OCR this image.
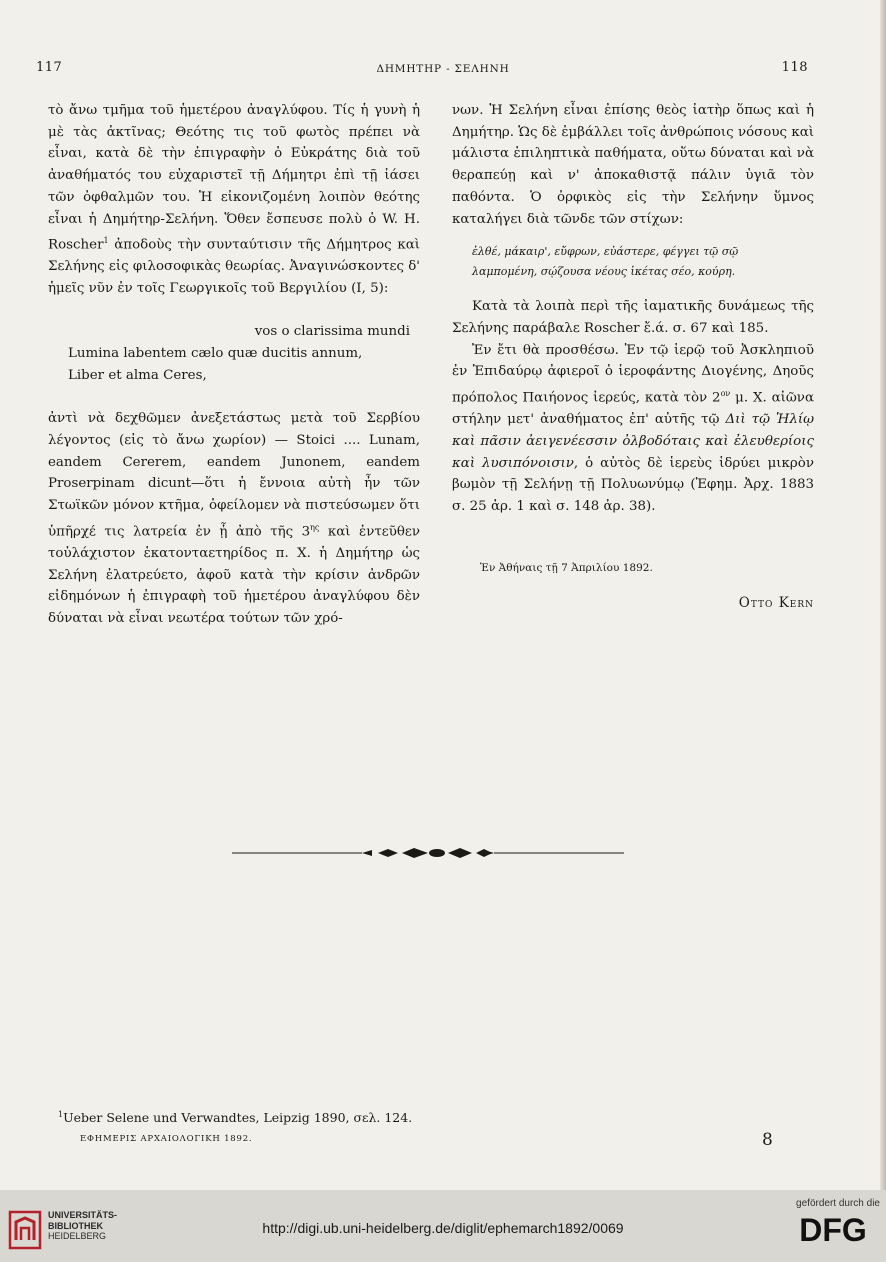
117	ΔΗΜΗΤΗΡ - ΣΕΛΗΝΗ	118

τὸ ἄνω τμῆμα τοῦ ἡμετέρου ἀναγλύφου. Τίς ἡ γυνὴ ἡ μὲ τὰς ἀκτῖνας; Θεότης τις τοῦ φωτὸς πρέπει νὰ εἶναι, κατὰ δὲ τὴν ἐπιγραφὴν ὁ Εὐκράτης διὰ τοῦ ἀναθήματός του εὐχαριστεῖ τῇ Δήμητρι ἐπὶ τῇ ἰάσει τῶν ὀφθαλμῶν του. Ἡ εἰκονιζομένη λοιπὸν θεότης εἶναι ἡ Δημήτηρ-Σελήνη. Ὅθεν ἔσπευσε πολὺ ὁ W. H. Roscher$^1$ ἀποδοὺς τὴν συνταύτισιν τῆς Δήμητρος καὶ Σελήνης εἰς φιλοσοφικὰς θεωρίας. Ἀναγινώσκοντες δ' ἡμεῖς νῦν ἐν τοῖς Γεωργικοῖς τοῦ Βεργιλίου (I, 5):

vos o clarissima mundi

Lumina labentem cælo quæ ducitis annum,

Liber et alma Ceres,

ἀντὶ νὰ δεχθῶμεν ἀνεξετάστως μετὰ τοῦ Σερβίου λέγοντος (εἰς τὸ ἄνω χωρίον) — Stoici .... Lunam, eandem Cererem, eandem Junonem, eandem Proserpinam dicunt—ὅτι ἡ ἔννοια αὐτὴ ἦν τῶν Στωϊκῶν μόνον κτῆμα, ὀφείλομεν νὰ πιστεύσωμεν ὅτι ὑπῆρχέ τις λατρεία ἐν ᾗ ἀπὸ τῆς $3^{\eta\varsigma}$ καὶ ἐντεῦθεν τοὐλάχιστον ἑκατονταετηρίδος π. Χ. ἡ Δημήτηρ ὡς Σελήνη ἐλατρεύετο, ἀφοῦ κατὰ τὴν κρίσιν ἀνδρῶν εἰδημόνων ἡ ἐπιγραφὴ τοῦ ἡμετέρου ἀναγλύφου δὲν δύναται νὰ εἶναι νεωτέρα τούτων τῶν χρό-

νων. Ἡ Σελήνη εἶναι ἐπίσης θεὸς ἰατὴρ ὅπως καὶ ἡ Δημήτηρ. Ὡς δὲ ἐμβάλλει τοῖς ἀνθρώποις νόσους καὶ μάλιστα ἐπιληπτικὰ παθήματα, οὕτω δύναται καὶ νὰ θεραπεύῃ καὶ ν' ἀποκαθιστᾷ πάλιν ὑγιᾶ τὸν παθόντα. Ὁ ὀρφικὸς εἰς τὴν Σελήνην ὕμνος καταλήγει διὰ τῶνδε τῶν στίχων:

ἐλθέ, μάκαιρ', εὔφρων, εὐάστερε, φέγγει τῷ σῷ
λαμπομένη, σῴζουσα νέους ἱκέτας σέο, κούρη.

Κατὰ τὰ λοιπὰ περὶ τῆς ἰαματικῆς δυνάμεως τῆς Σελήνης παράβαλε Roscher ἔ.ά. σ. 67 καὶ 185.

Ἐν ἔτι θὰ προσθέσω. Ἐν τῷ ἱερῷ τοῦ Ἀσκληπιοῦ ἐν Ἐπιδαύρῳ ἀφιεροῖ ὁ ἱεροφάντης Διογένης, Δηοῦς πρόπολος Παιήονος ἱερεύς, κατὰ τὸν $2^{o\nu}$ μ. Χ. αἰῶνα στήλην μετ' ἀναθήματος ἐπ' αὐτῆς τῷ Διὶ τῷ Ἡλίῳ καὶ πᾶσιν ἀειγενέεσσιν ὀλβοδόταις καὶ ἐλευθερίοις καὶ λυσιπόνοισιν, ὁ αὐτὸς δὲ ἱερεὺς ἱδρύει μικρὸν βωμὸν τῇ Σελήνῃ τῇ Πολυωνύμῳ (Ἐφημ. Ἀρχ. 1883 σ. 25 ἀρ. 1 καὶ σ. 148 ἀρ. 38).

Ἐν Ἀθήναις τῇ 7 Ἀπριλίου 1892.

Otto Kern

$^1$Ueber Selene und Verwandtes, Leipzig 1890, σελ. 124.
ΕΦΗΜΕΡΙΣ ΑΡΧΑΙΟΛΟΓΙΚΗ 1892.	8
UNIVERSITÄTS-
BIBLIOTHEK
HEIDELBERG	http://digi.ub.uni-heidelberg.de/diglit/ephemarch1892/0069
gefördert durch die
DFG
